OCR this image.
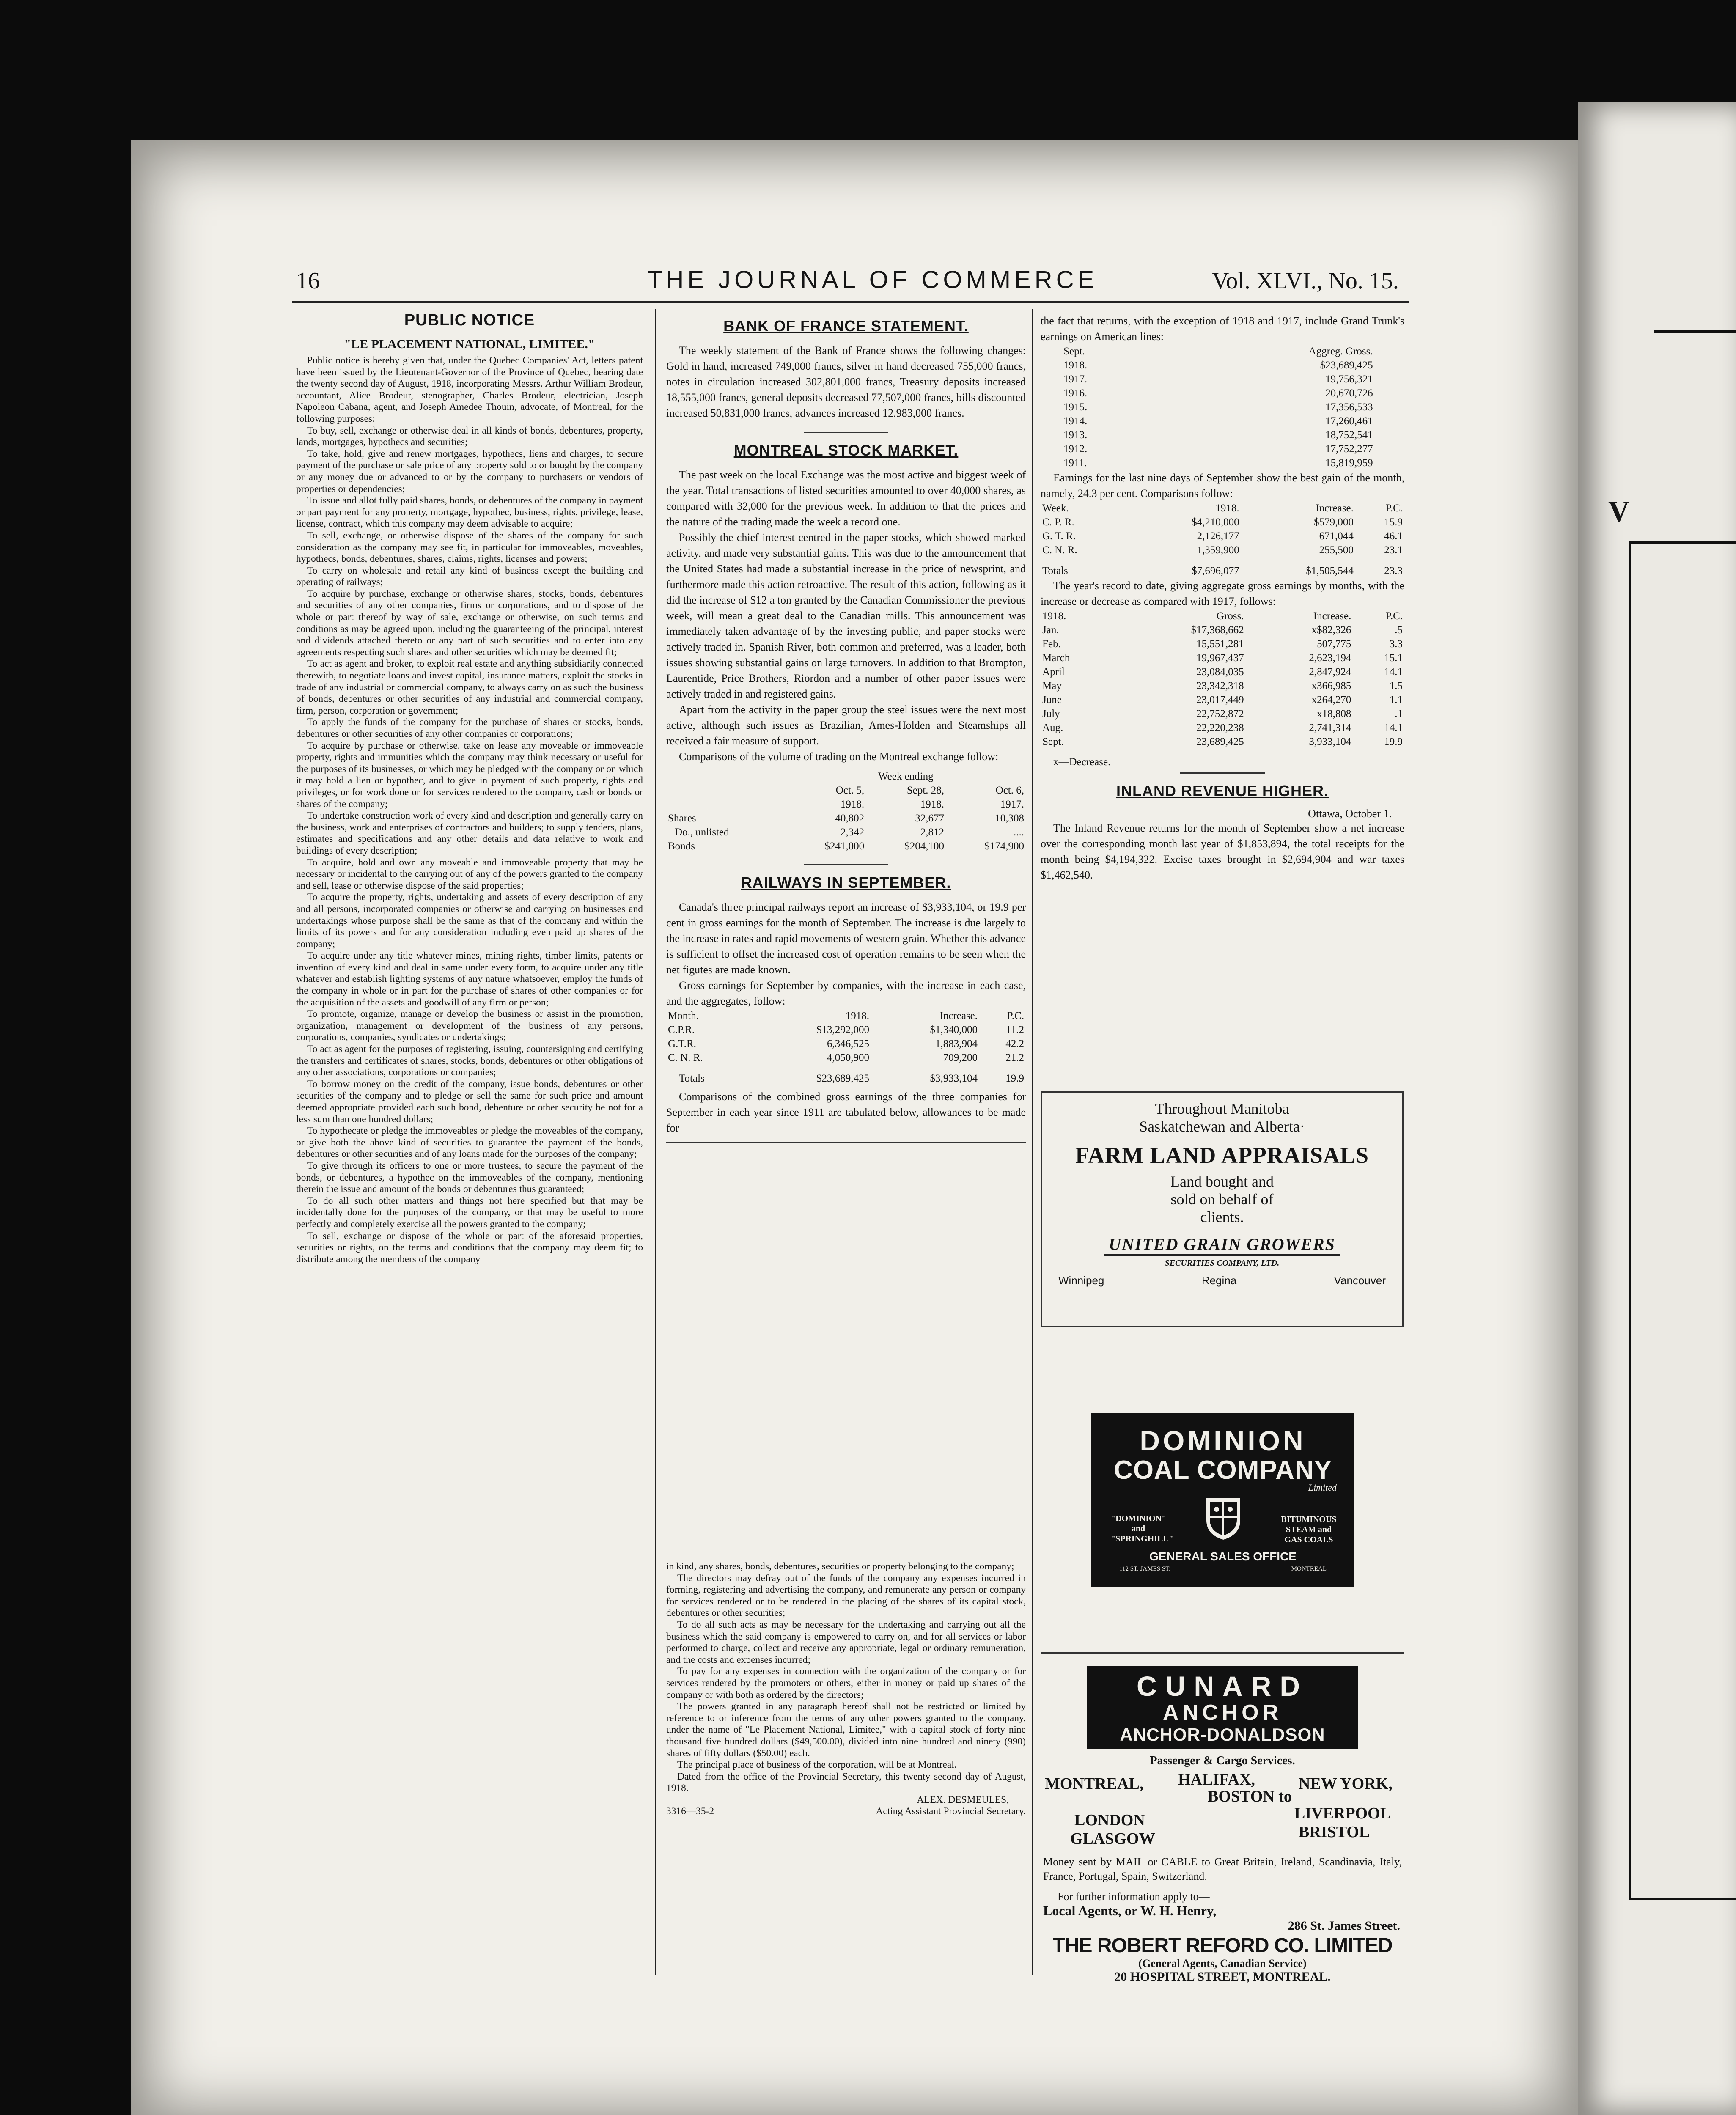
V
16	THE JOURNAL OF COMMERCE	Vol. XLVI., No. 15.
PUBLIC NOTICE
"LE PLACEMENT NATIONAL, LIMITEE."
Public notice is hereby given that, under the Quebec Companies' Act, letters patent have been issued by the Lieutenant-Governor of the Province of Quebec, bearing date the twenty second day of August, 1918, incorporating Messrs. Arthur William Brodeur, accountant, Alice Brodeur, stenographer, Charles Brodeur, electrician, Joseph Napoleon Cabana, agent, and Joseph Amedee Thouin, advocate, of Montreal, for the following purposes:
To buy, sell, exchange or otherwise deal in all kinds of bonds, debentures, property, lands, mortgages, hypothecs and securities;
To take, hold, give and renew mortgages, hypothecs, liens and charges, to secure payment of the purchase or sale price of any property sold to or bought by the company or any money due or advanced to or by the company to purchasers or vendors of properties or dependencies;
To issue and allot fully paid shares, bonds, or debentures of the company in payment or part payment for any property, mortgage, hypothec, business, rights, privilege, lease, license, contract, which this company may deem advisable to acquire;
To sell, exchange, or otherwise dispose of the shares of the company for such consideration as the company may see fit, in particular for immoveables, moveables, hypothecs, bonds, debentures, shares, claims, rights, licenses and powers;
To carry on wholesale and retail any kind of business except the building and operating of railways;
To acquire by purchase, exchange or otherwise shares, stocks, bonds, debentures and securities of any other companies, firms or corporations, and to dispose of the whole or part thereof by way of sale, exchange or otherwise, on such terms and conditions as may be agreed upon, including the guaranteeing of the principal, interest and dividends attached thereto or any part of such securities and to enter into any agreements respecting such shares and other securities which may be deemed fit;
To act as agent and broker, to exploit real estate and anything subsidiarily connected therewith, to negotiate loans and invest capital, insurance matters, exploit the stocks in trade of any industrial or commercial company, to always carry on as such the business of bonds, debentures or other securities of any industrial and commercial company, firm, person, corporation or government;
To apply the funds of the company for the purchase of shares or stocks, bonds, debentures or other securities of any other companies or corporations;
To acquire by purchase or otherwise, take on lease any moveable or immoveable property, rights and immunities which the company may think necessary or useful for the purposes of its businesses, or which may be pledged with the company or on which it may hold a lien or hypothec, and to give in payment of such property, rights and privileges, or for work done or for services rendered to the company, cash or bonds or shares of the company;
To undertake construction work of every kind and description and generally carry on the business, work and enterprises of contractors and builders; to supply tenders, plans, estimates and specifications and any other details and data relative to work and buildings of every description;
To acquire, hold and own any moveable and immoveable property that may be necessary or incidental to the carrying out of any of the powers granted to the company and sell, lease or otherwise dispose of the said properties;
To acquire the property, rights, undertaking and assets of every description of any and all persons, incorporated companies or otherwise and carrying on businesses and undertakings whose purpose shall be the same as that of the company and within the limits of its powers and for any consideration including even paid up shares of the company;
To acquire under any title whatever mines, mining rights, timber limits, patents or invention of every kind and deal in same under every form, to acquire under any title whatever and establish lighting systems of any nature whatsoever, employ the funds of the company in whole or in part for the purchase of shares of other companies or for the acquisition of the assets and goodwill of any firm or person;
To promote, organize, manage or develop the business or assist in the promotion, organization, management or development of the business of any persons, corporations, companies, syndicates or undertakings;
To act as agent for the purposes of registering, issuing, countersigning and certifying the transfers and certificates of shares, stocks, bonds, debentures or other obligations of any other associations, corporations or companies;
To borrow money on the credit of the company, issue bonds, debentures or other securities of the company and to pledge or sell the same for such price and amount deemed appropriate provided each such bond, debenture or other security be not for a less sum than one hundred dollars;
To hypothecate or pledge the immoveables or pledge the moveables of the company, or give both the above kind of securities to guarantee the payment of the bonds, debentures or other securities and of any loans made for the purposes of the company;
To give through its officers to one or more trustees, to secure the payment of the bonds, or debentures, a hypothec on the immoveables of the company, mentioning therein the issue and amount of the bonds or debentures thus guaranteed;
To do all such other matters and things not here specified but that may be incidentally done for the purposes of the company, or that may be useful to more perfectly and completely exercise all the powers granted to the company;
To sell, exchange or dispose of the whole or part of the aforesaid properties, securities or rights, on the terms and conditions that the company may deem fit; to distribute among the members of the company
BANK OF FRANCE STATEMENT.
The weekly statement of the Bank of France shows the following changes: Gold in hand, increased 749,000 francs, silver in hand decreased 755,000 francs, notes in circulation increased 302,801,000 francs, Treasury deposits increased 18,555,000 francs, general deposits decreased 77,507,000 francs, bills discounted increased 50,831,000 francs, advances increased 12,983,000 francs.
MONTREAL STOCK MARKET.
The past week on the local Exchange was the most active and biggest week of the year. Total transactions of listed securities amounted to over 40,000 shares, as compared with 32,000 for the previous week. In addition to that the prices and the nature of the trading made the week a record one.
Possibly the chief interest centred in the paper stocks, which showed marked activity, and made very substantial gains. This was due to the announcement that the United States had made a substantial increase in the price of newsprint, and furthermore made this action retroactive. The result of this action, following as it did the increase of $12 a ton granted by the Canadian Commissioner the previous week, will mean a great deal to the Canadian mills. This announcement was immediately taken advantage of by the investing public, and paper stocks were actively traded in. Spanish River, both common and preferred, was a leader, both issues showing substantial gains on large turnovers. In addition to that Brompton, Laurentide, Price Brothers, Riordon and a number of other paper issues were actively traded in and registered gains.
Apart from the activity in the paper group the steel issues were the next most active, although such issues as Brazilian, Ames-Holden and Steamships all received a fair measure of support.
Comparisons of the volume of trading on the Montreal exchange follow:
	—— Week ending ——		
	Oct. 5,	Sept. 28,	Oct. 6,
	1918.	1918.	1917.
Shares	40,802	32,677	10,308
Do., unlisted	2,342	2,812	....
Bonds	$241,000	$204,100	$174,900
RAILWAYS IN SEPTEMBER.
Canada's three principal railways report an increase of $3,933,104, or 19.9 per cent in gross earnings for the month of September. The increase is due largely to the increase in rates and rapid movements of western grain. Whether this advance is sufficient to offset the increased cost of operation remains to be seen when the net figutes are made known.
Gross earnings for September by companies, with the increase in each case, and the aggregates, follow:
Month.	1918.	Increase.	P.C.
C.P.R.	$13,292,000	$1,340,000	11.2
G.T.R.	6,346,525	1,883,904	42.2
C. N. R.	4,050,900	709,200	21.2
Totals	$23,689,425	$3,933,104	19.9
Comparisons of the combined gross earnings of the three companies for September in each year since 1911 are tabulated below, allowances to be made for
in kind, any shares, bonds, debentures, securities or property belonging to the company;
The directors may defray out of the funds of the company any expenses incurred in forming, registering and advertising the company, and remunerate any person or company for services rendered or to be rendered in the placing of the shares of its capital stock, debentures or other securities;
To do all such acts as may be necessary for the undertaking and carrying out all the business which the said company is empowered to carry on, and for all services or labor performed to charge, collect and receive any appropriate, legal or ordinary remuneration, and the costs and expenses incurred;
To pay for any expenses in connection with the organization of the company or for services rendered by the promoters or others, either in money or paid up shares of the company or with both as ordered by the directors;
The powers granted in any paragraph hereof shall not be restricted or limited by reference to or inference from the terms of any other powers granted to the company, under the name of "Le Placement National, Limitee," with a capital stock of forty nine thousand five hundred dollars ($49,500.00), divided into nine hundred and ninety (990) shares of fifty dollars ($50.00) each.
The principal place of business of the corporation, will be at Montreal.
Dated from the office of the Provincial Secretary, this twenty second day of August, 1918.
ALEX. DESMEULES,
3316—35-2	Acting Assistant Provincial Secretary.
the fact that returns, with the exception of 1918 and 1917, include Grand Trunk's earnings on American lines:
Sept.	Aggreg. Gross.
1918.	$23,689,425
1917.	19,756,321
1916.	20,670,726
1915.	17,356,533
1914.	17,260,461
1913.	18,752,541
1912.	17,752,277
1911.	15,819,959
Earnings for the last nine days of September show the best gain of the month, namely, 24.3 per cent. Comparisons follow:
Week.	1918.	Increase.	P.C.
C. P. R.	$4,210,000	$579,000	15.9
G. T. R.	2,126,177	671,044	46.1
C. N. R.	1,359,900	255,500	23.1
Totals	$7,696,077	$1,505,544	23.3
The year's record to date, giving aggregate gross earnings by months, with the increase or decrease as compared with 1917, follows:
1918.	Gross.	Increase.	P.C.
Jan.	$17,368,662	x$82,326	.5
Feb.	15,551,281	507,775	3.3
March	19,967,437	2,623,194	15.1
April	23,084,035	2,847,924	14.1
May	23,342,318	x366,985	1.5
June	23,017,449	x264,270	1.1
July	22,752,872	x18,808	.1
Aug.	22,220,238	2,741,314	14.1
Sept.	23,689,425	3,933,104	19.9
x—Decrease.
INLAND REVENUE HIGHER.
Ottawa, October 1.
The Inland Revenue returns for the month of September show a net increase over the corresponding month last year of $1,853,894, the total receipts for the month being $4,194,322. Excise taxes brought in $2,694,904 and war taxes $1,462,540.
Throughout Manitoba
Saskatchewan and Alberta·
FARM LAND APPRAISALS
Land bought and
sold on behalf of
clients.
UNITED GRAIN GROWERS
SECURITIES COMPANY, LTD.
Winnipeg	Regina	Vancouver
DOMINION
COAL COMPANY
Limited
"DOMINION" and "SPRINGHILL"
BITUMINOUS STEAM and GAS COALS
GENERAL SALES OFFICE
112 ST. JAMES ST.	MONTREAL
CUNARD
ANCHOR
ANCHOR-DONALDSON
Passenger & Cargo Services.
MONTREAL, HALIFAX,	NEW YORK,
BOSTON to
LONDON
GLASGOW
LIVERPOOL
BRISTOL
Money sent by MAIL or CABLE to Great Britain, Ireland, Scandinavia, Italy, France, Portugal, Spain, Switzerland.
For further information apply to—
Local Agents, or W. H. Henry,
286 St. James Street.
THE ROBERT REFORD CO. LIMITED
(General Agents, Canadian Service)
20 HOSPITAL STREET, MONTREAL.
